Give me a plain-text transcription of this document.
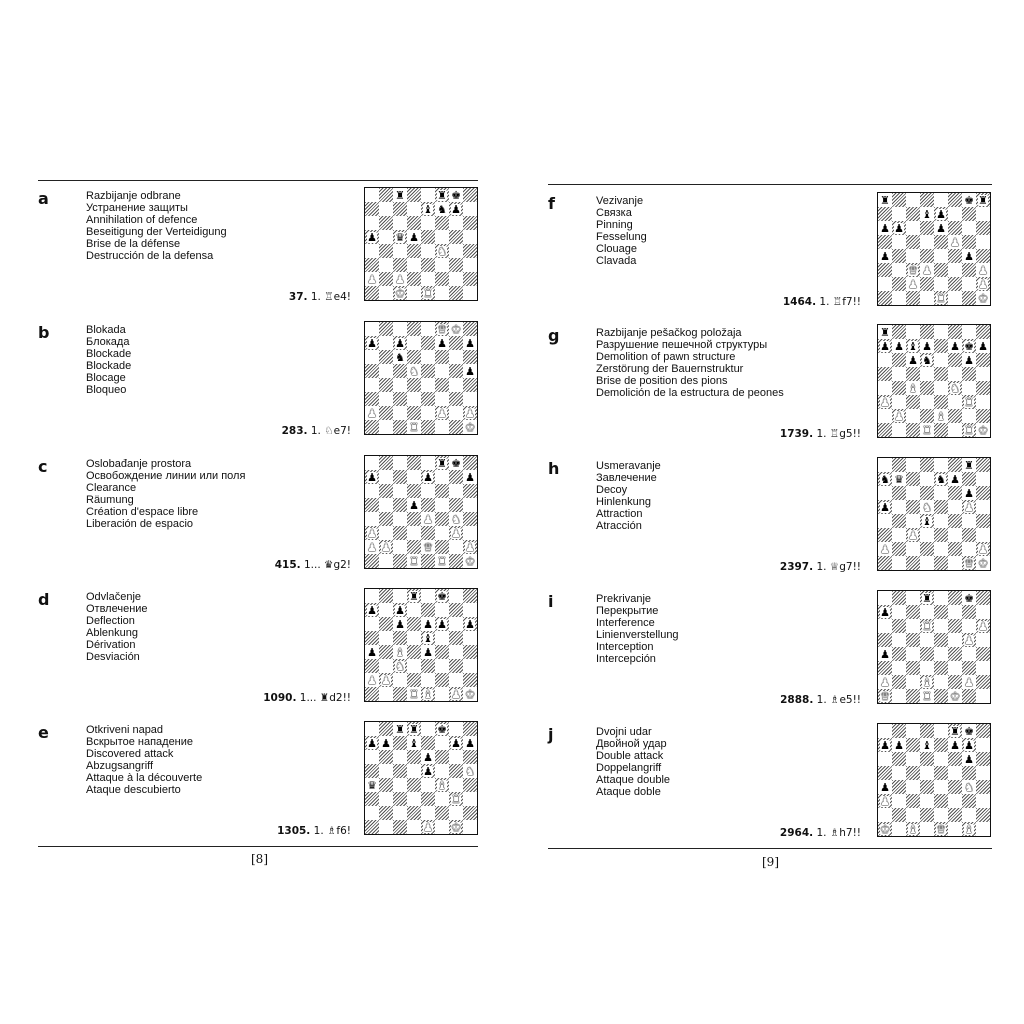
[8]	[9]
a	Razbijanje odbrane
Устранение защиты
Annihilation of defence
Beseitigung der Verteidigung
Brise de la défense
Destrucción de la defensa
37. 1. ♖e4!
♜	♜ ♚
♝ ♞ ♟
♟ ♛ ♟
♞
♟ ♟
♚ ♜
b	Blokada
Блокада
Blockade
Blockade
Blocage
Bloqueo
283. 1. ♘e7!
♛ ♚
♟ ♟	♟ ♟
♞
♞	♟
♟	♟ ♟
♜	♚
c	Oslobađanje prostora
Освобождение линии или поля
Clearance
Räumung
Création d'espace libre
Liberación de espacio
415. 1... ♛g2!
♜ ♚
♟	♟	♟
♟
♟ ♞
♟	♟
♟ ♟	♛	♟
♜ ♜ ♚
d	Odvlačenje
Отвлечение
Deflection
Ablenkung
Dérivation
Desviación
1090. 1... ♜d2!!
♜ ♚
♟ ♟
♟ ♟ ♟ ♟
♝
♟ ♝ ♟
♞
♟ ♟
♜ ♝ ♟ ♚
e	Otkriveni napad
Вскрытое нападение
Discovered attack
Abzugsangriff
Attaque à la découverte
Ataque descubierto
1305. 1. ♗f6!
♜ ♜ ♚
♟ ♟ ♝	♟ ♟
♟
♟	♞
♛	♝
♜
♟ ♚
f	Vezivanje
Связка
Pinning
Fesselung
Clouage
Clavada
1464. 1. ♖f7!!
♜	♚ ♜
♝ ♟
♟ ♟	♟
♟
♟	♟
♛ ♟	♟
♟	♟
♜	♚
g	Razbijanje pešačkog položaja
Разрушение пешечной структуры
Demolition of pawn structure
Zerstörung der Bauernstruktur
Brise de position des pions
Demolición de la estructura de peones
1739. 1. ♖g5!!
♜
♟ ♟ ♝ ♟ ♟ ♚ ♟
♟ ♞	♟
♝	♞
♟	♜
♟	♝
♜	♜ ♚
h	Usmeravanje
Завлечение
Decoy
Hinlenkung
Attraction
Atracción
2397. 1. ♕g7!!
♜
♞ ♛	♞ ♟
♟
♟	♞	♟
♝
♟
♟	♟
♛ ♚
i	Prekrivanje
Перекрытие
Interference
Linienverstellung
Interception
Intercepción
2888. 1. ♗e5!!
♜	♚
♟
♜	♟
♟
♟
♟	♝	♟
♛	♜ ♚
j	Dvojni udar
Двойной удар
Double attack
Doppelangriff
Attaque double
Ataque doble
2964. 1. ♗h7!!
♜ ♚
♟ ♟ ♝ ♟ ♟
♟
♟	♞
♟
♚ ♝ ♛ ♝
